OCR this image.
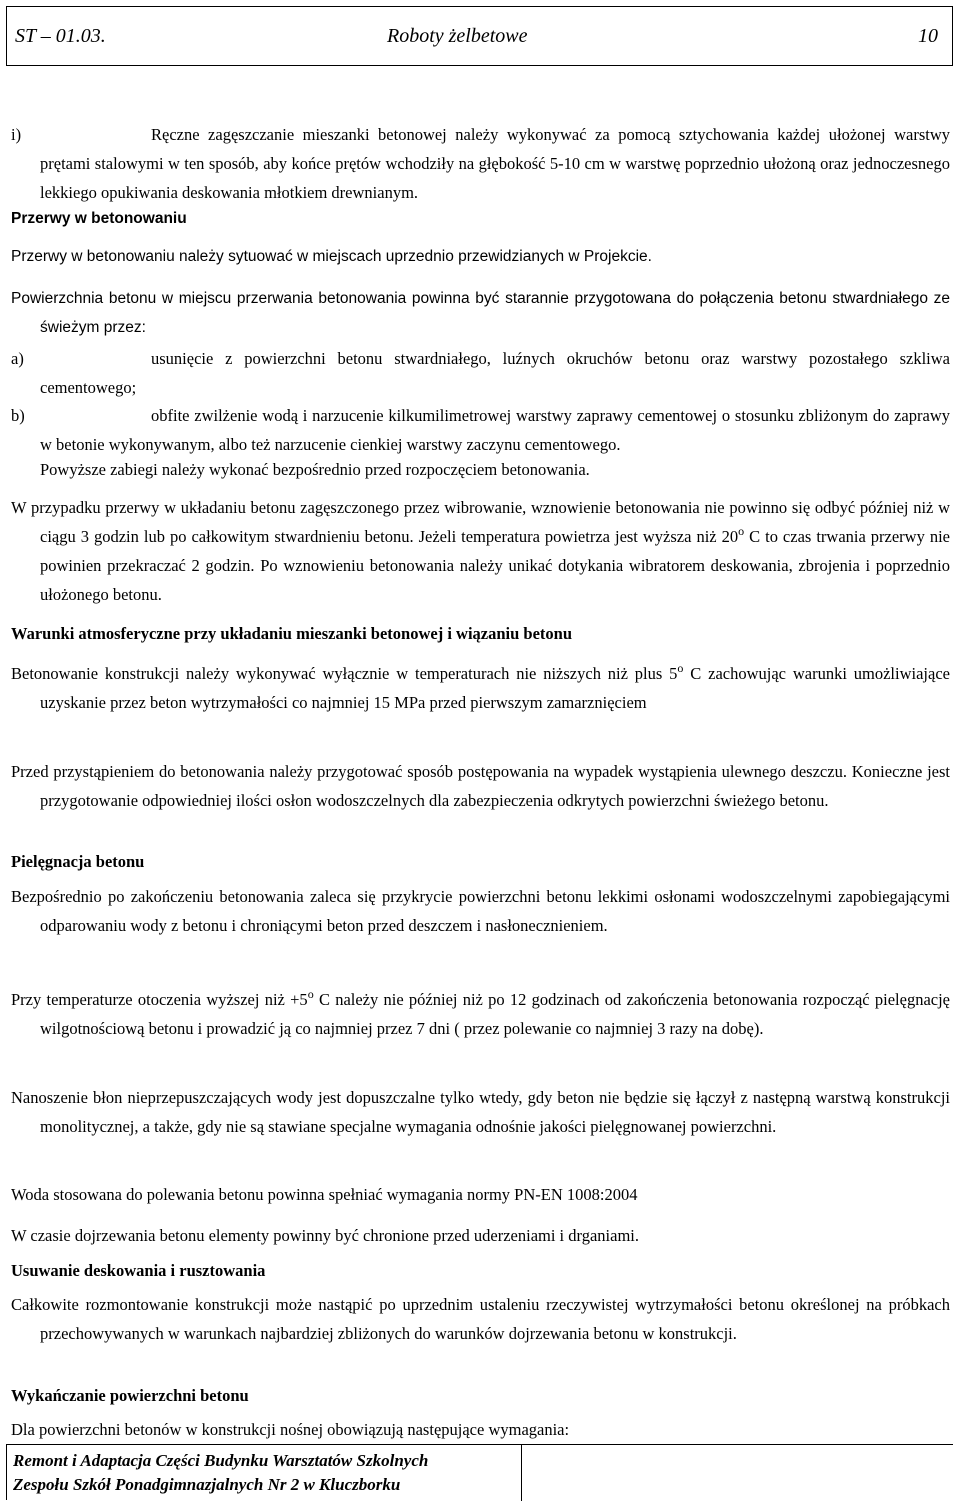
ST – 01.03.	Roboty żelbetowe	10
i)	Ręczne zagęszczanie mieszanki betonowej należy wykonywać za pomocą sztychowania każdej ułożonej warstwy prętami stalowymi w ten sposób, aby końce prętów wchodziły na głębokość 5-10 cm w warstwę poprzednio ułożoną oraz jednoczesnego lekkiego opukiwania deskowania młotkiem drewnianym.
Przerwy w betonowaniu
Przerwy w betonowaniu należy sytuować w miejscach uprzednio przewidzianych w Projekcie.
Powierzchnia betonu w miejscu przerwania betonowania powinna być starannie przygotowana do połączenia betonu stwardniałego ze świeżym przez:
a)	usunięcie z powierzchni betonu stwardniałego, luźnych okruchów betonu oraz warstwy pozostałego szkliwa cementowego;
b)	obfite zwilżenie wodą i narzucenie kilkumilimetrowej warstwy zaprawy cementowej o stosunku zbliżonym do zaprawy w betonie wykonywanym, albo też narzucenie cienkiej warstwy zaczynu cementowego.
Powyższe zabiegi należy wykonać bezpośrednio przed rozpoczęciem betonowania.
W przypadku przerwy w układaniu betonu zagęszczonego przez wibrowanie, wznowienie betonowania nie powinno się odbyć później niż w ciągu 3 godzin lub po całkowitym stwardnieniu betonu. Jeżeli temperatura powietrza jest wyższa niż 20$^o$ C to czas trwania przerwy nie powinien przekraczać 2 godzin. Po wznowieniu betonowania należy unikać dotykania wibratorem deskowania, zbrojenia i poprzednio ułożonego betonu.
Warunki atmosferyczne przy układaniu mieszanki betonowej i wiązaniu betonu
Betonowanie konstrukcji należy wykonywać wyłącznie w temperaturach nie niższych niż plus 5$^o$ C zachowując warunki umożliwiające uzyskanie przez beton wytrzymałości co najmniej 15 MPa przed pierwszym zamarznięciem
Przed przystąpieniem do betonowania należy przygotować sposób postępowania na wypadek wystąpienia ulewnego deszczu. Konieczne jest przygotowanie odpowiedniej ilości osłon wodoszczelnych dla zabezpieczenia odkrytych powierzchni świeżego betonu.
Pielęgnacja betonu
Bezpośrednio po zakończeniu betonowania zaleca się przykrycie powierzchni betonu lekkimi osłonami wodoszczelnymi zapobiegającymi odparowaniu wody z betonu i chroniącymi beton przed deszczem i nasłonecznieniem.
Przy temperaturze otoczenia wyższej niż $+5^o$ C należy nie później niż po 12 godzinach od zakończenia betonowania rozpocząć pielęgnację wilgotnościową betonu i prowadzić ją co najmniej przez 7 dni ( przez polewanie co najmniej 3 razy na dobę).
Nanoszenie błon nieprzepuszczających wody jest dopuszczalne tylko wtedy, gdy beton nie będzie się łączył z następną warstwą konstrukcji monolitycznej, a także, gdy nie są stawiane specjalne wymagania odnośnie jakości pielęgnowanej powierzchni.
Woda stosowana do polewania betonu powinna spełniać wymagania normy PN-EN 1008:2004
W czasie dojrzewania betonu elementy powinny być chronione przed uderzeniami i drganiami.
Usuwanie deskowania i rusztowania
Całkowite rozmontowanie konstrukcji może nastąpić po uprzednim ustaleniu rzeczywistej wytrzymałości betonu określonej na próbkach przechowywanych w warunkach najbardziej zbliżonych do warunków dojrzewania betonu w konstrukcji.
Wykańczanie powierzchni betonu
Dla powierzchni betonów w konstrukcji nośnej obowiązują następujące wymagania:
Remont i Adaptacja Części Budynku Warsztatów Szkolnych
Zespołu Szkół Ponadgimnazjalnych Nr 2 w Kluczborku
